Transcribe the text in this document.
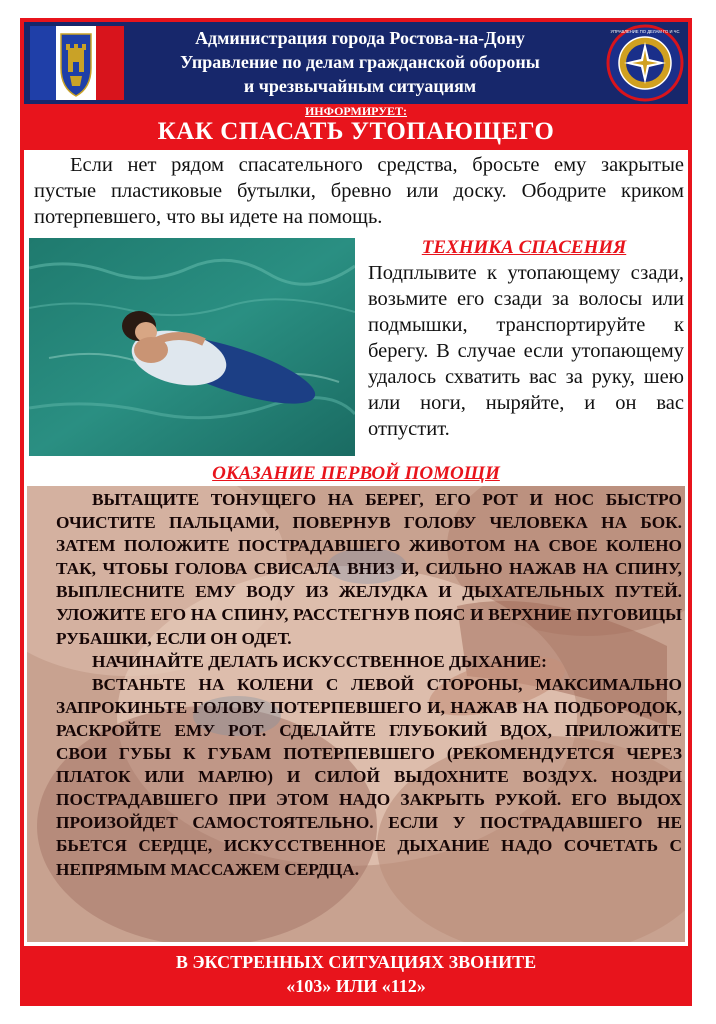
Администрация города Ростова-на-Дону
Управление по делам гражданской обороны
и чрезвычайным ситуациям
УПРАВЛЕНИЕ ПО ДЕЛАМ ГО И ЧС
ИНФОРМИРУЕТ:
КАК СПАСАТЬ УТОПАЮЩЕГО
Если нет рядом спасательного средства, бросьте ему закрытые пустые пластиковые бутылки, бревно или доску. Ободрите криком потерпевшего, что вы идете на помощь.
ТЕХНИКА СПАСЕНИЯ
Подплывите к утопающему сзади, возьмите его сзади за волосы или подмышки, транспортируйте к берегу. В случае если утопающему удалось схватить вас за руку, шею или ноги, ныряйте, и он вас отпустит.
ОКАЗАНИЕ ПЕРВОЙ ПОМОЩИ

ВЫТАЩИТЕ ТОНУЩЕГО НА БЕРЕГ, ЕГО РОТ И НОС БЫСТРО ОЧИСТИТЕ ПАЛЬЦАМИ, ПОВЕРНУВ ГОЛОВУ ЧЕЛОВЕКА НА БОК. ЗАТЕМ ПОЛОЖИТЕ ПОСТРАДАВШЕГО ЖИВОТОМ НА СВОЕ КОЛЕНО ТАК, ЧТОБЫ ГОЛОВА СВИСАЛА ВНИЗ И, СИЛЬНО НАЖАВ НА СПИНУ, ВЫПЛЕСНИТЕ ЕМУ ВОДУ ИЗ ЖЕЛУДКА И ДЫХАТЕЛЬНЫХ ПУТЕЙ. УЛОЖИТЕ ЕГО НА СПИНУ, РАССТЕГНУВ ПОЯС И ВЕРХНИЕ ПУГОВИЦЫ РУБАШКИ, ЕСЛИ ОН ОДЕТ.

НАЧИНАЙТЕ ДЕЛАТЬ ИСКУССТВЕННОЕ ДЫХАНИЕ:

ВСТАНЬТЕ НА КОЛЕНИ С ЛЕВОЙ СТОРОНЫ, МАКСИМАЛЬНО ЗАПРОКИНЬТЕ ГОЛОВУ ПОТЕРПЕВШЕГО И, НАЖАВ НА ПОДБОРОДОК, РАСКРОЙТЕ ЕМУ РОТ. СДЕЛАЙТЕ ГЛУБОКИЙ ВДОХ, ПРИЛОЖИТЕ СВОИ ГУБЫ К ГУБАМ ПОТЕРПЕВШЕГО (РЕКОМЕНДУЕТСЯ ЧЕРЕЗ ПЛАТОК ИЛИ МАРЛЮ) И СИЛОЙ ВЫДОХНИТЕ ВОЗДУХ. НОЗДРИ ПОСТРАДАВШЕГО ПРИ ЭТОМ НАДО ЗАКРЫТЬ РУКОЙ. ЕГО ВЫДОХ ПРОИЗОЙДЕТ САМОСТОЯТЕЛЬНО. ЕСЛИ У ПОСТРАДАВШЕГО НЕ БЬЕТСЯ СЕРДЦЕ, ИСКУССТВЕННОЕ ДЫХАНИЕ НАДО СОЧЕТАТЬ С НЕПРЯМЫМ МАССАЖЕМ СЕРДЦА.

В ЭКСТРЕННЫХ СИТУАЦИЯХ ЗВОНИТЕ
«103» ИЛИ «112»
